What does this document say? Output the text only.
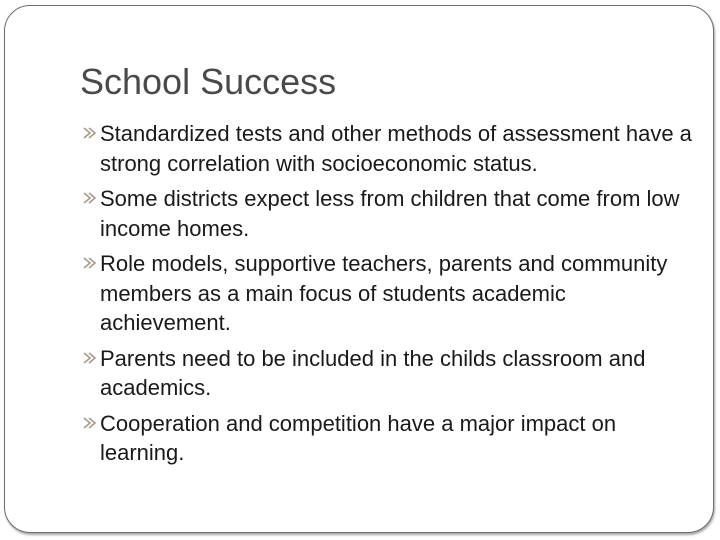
School Success
Standardized tests and other methods of assessment have a strong correlation with socioeconomic status.
Some districts expect less from children that come from low income homes.
Role models, supportive teachers, parents and community members as a main focus of students academic achievement.
Parents need to be included in the childs classroom and academics.
Cooperation and competition have a major impact on learning.
